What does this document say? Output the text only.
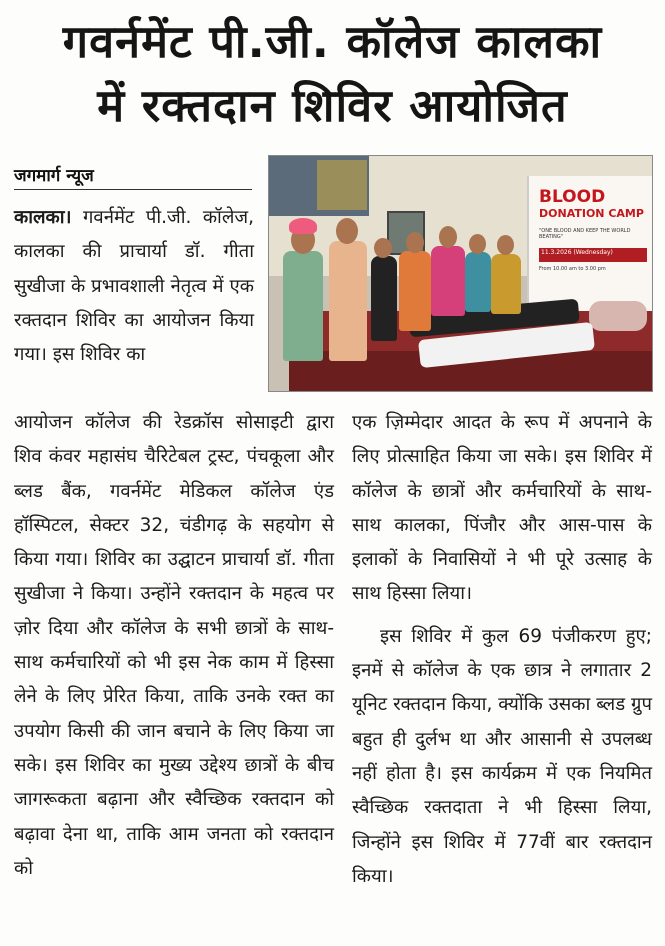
गवर्नमेंट पी.जी. कॉलेज कालका
में रक्तदान शिविर आयोजित
जगमार्ग न्यूज
BLOOD
DONATION CAMP
"ONE BLOOD AND KEEP THE WORLD BEATING"
11.3.2026 (Wednesday)
From 10.00 am to 3.00 pm

कालका। गवर्नमेंट पी.जी. कॉलेज, कालका की प्राचार्या डॉ. गीता सुखीजा के प्रभावशाली नेतृत्व में एक रक्तदान शिविर का आयोजन किया गया। इस शिविर का

आयोजन कॉलेज की रेडक्रॉस सोसाइटी द्वारा शिव कंवर महासंघ चैरिटेबल ट्रस्ट, पंचकूला और ब्लड बैंक, गवर्नमेंट मेडिकल कॉलेज एंड हॉस्पिटल, सेक्टर 32, चंडीगढ़ के सहयोग से किया गया। शिविर का उद्घाटन प्राचार्या डॉ. गीता सुखीजा ने किया। उन्होंने रक्तदान के महत्व पर ज़ोर दिया और कॉलेज के सभी छात्रों के साथ-साथ कर्मचारियों को भी इस नेक काम में हिस्सा लेने के लिए प्रेरित किया, ताकि उनके रक्त का उपयोग किसी की जान बचाने के लिए किया जा सके। इस शिविर का मुख्य उद्देश्य छात्रों के बीच जागरूकता बढ़ाना और स्वैच्छिक रक्तदान को बढ़ावा देना था, ताकि आम जनता को रक्तदान को

एक ज़िम्मेदार आदत के रूप में अपनाने के लिए प्रोत्साहित किया जा सके। इस शिविर में कॉलेज के छात्रों और कर्मचारियों के साथ-साथ कालका, पिंजौर और आस-पास के इलाकों के निवासियों ने भी पूरे उत्साह के साथ हिस्सा लिया।

इस शिविर में कुल 69 पंजीकरण हुए; इनमें से कॉलेज के एक छात्र ने लगातार 2 यूनिट रक्तदान किया, क्योंकि उसका ब्लड ग्रुप बहुत ही दुर्लभ था और आसानी से उपलब्ध नहीं होता है। इस कार्यक्रम में एक नियमित स्वैच्छिक रक्तदाता ने भी हिस्सा लिया, जिन्होंने इस शिविर में 77वीं बार रक्तदान किया।
